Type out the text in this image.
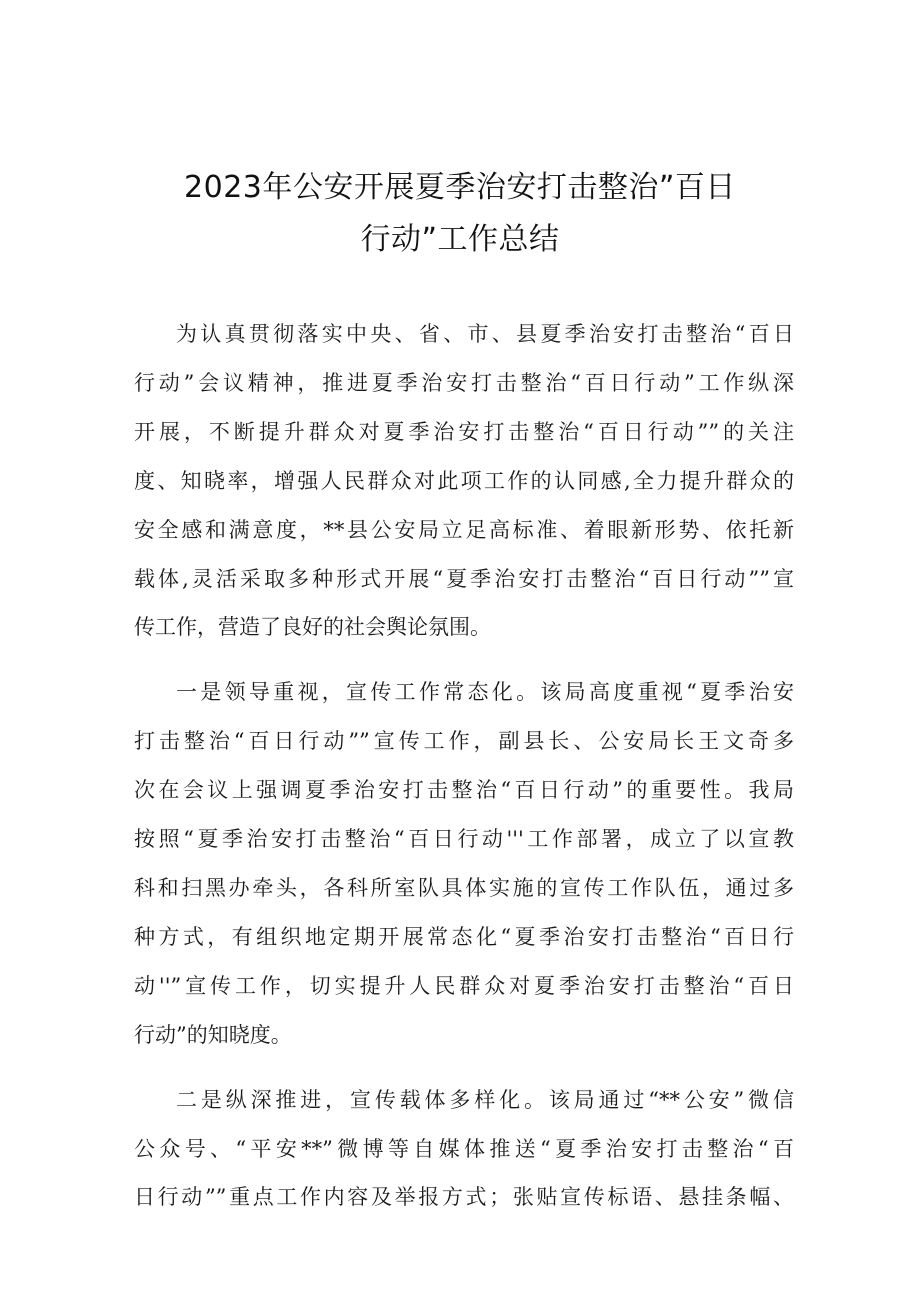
2023年公安开展夏季治安打击整治”百日
行动”工作总结

为认真贯彻落实中央、省、市、县夏季治安打击整治“百日
行动”会议精神，推进夏季治安打击整治“百日行动”工作纵深
开展，不断提升群众对夏季治安打击整治“百日行动””的关注
度、知晓率，增强人民群众对此项工作的认同感,全力提升群众的
安全感和满意度，**县公安局立足高标准、着眼新形势、依托新
载体,灵活采取多种形式开展“夏季治安打击整治“百日行动””宣
传工作，营造了良好的社会舆论氛围。

一是领导重视，宣传工作常态化。该局高度重视“夏季治安
打击整治“百日行动””宣传工作，副县长、公安局长王文奇多
次在会议上强调夏季治安打击整治“百日行动”的重要性。我局
按照“夏季治安打击整治“百日行动'''工作部署，成立了以宣教
科和扫黑办牵头，各科所室队具体实施的宣传工作队伍，通过多
种方式，有组织地定期开展常态化“夏季治安打击整治“百日行
动''”宣传工作，切实提升人民群众对夏季治安打击整治“百日
行动”的知晓度。

二是纵深推进，宣传载体多样化。该局通过“**公安”微信
公众号、“平安**”微博等自媒体推送“夏季治安打击整治“百
日行动””重点工作内容及举报方式；张贴宣传标语、悬挂条幅、
